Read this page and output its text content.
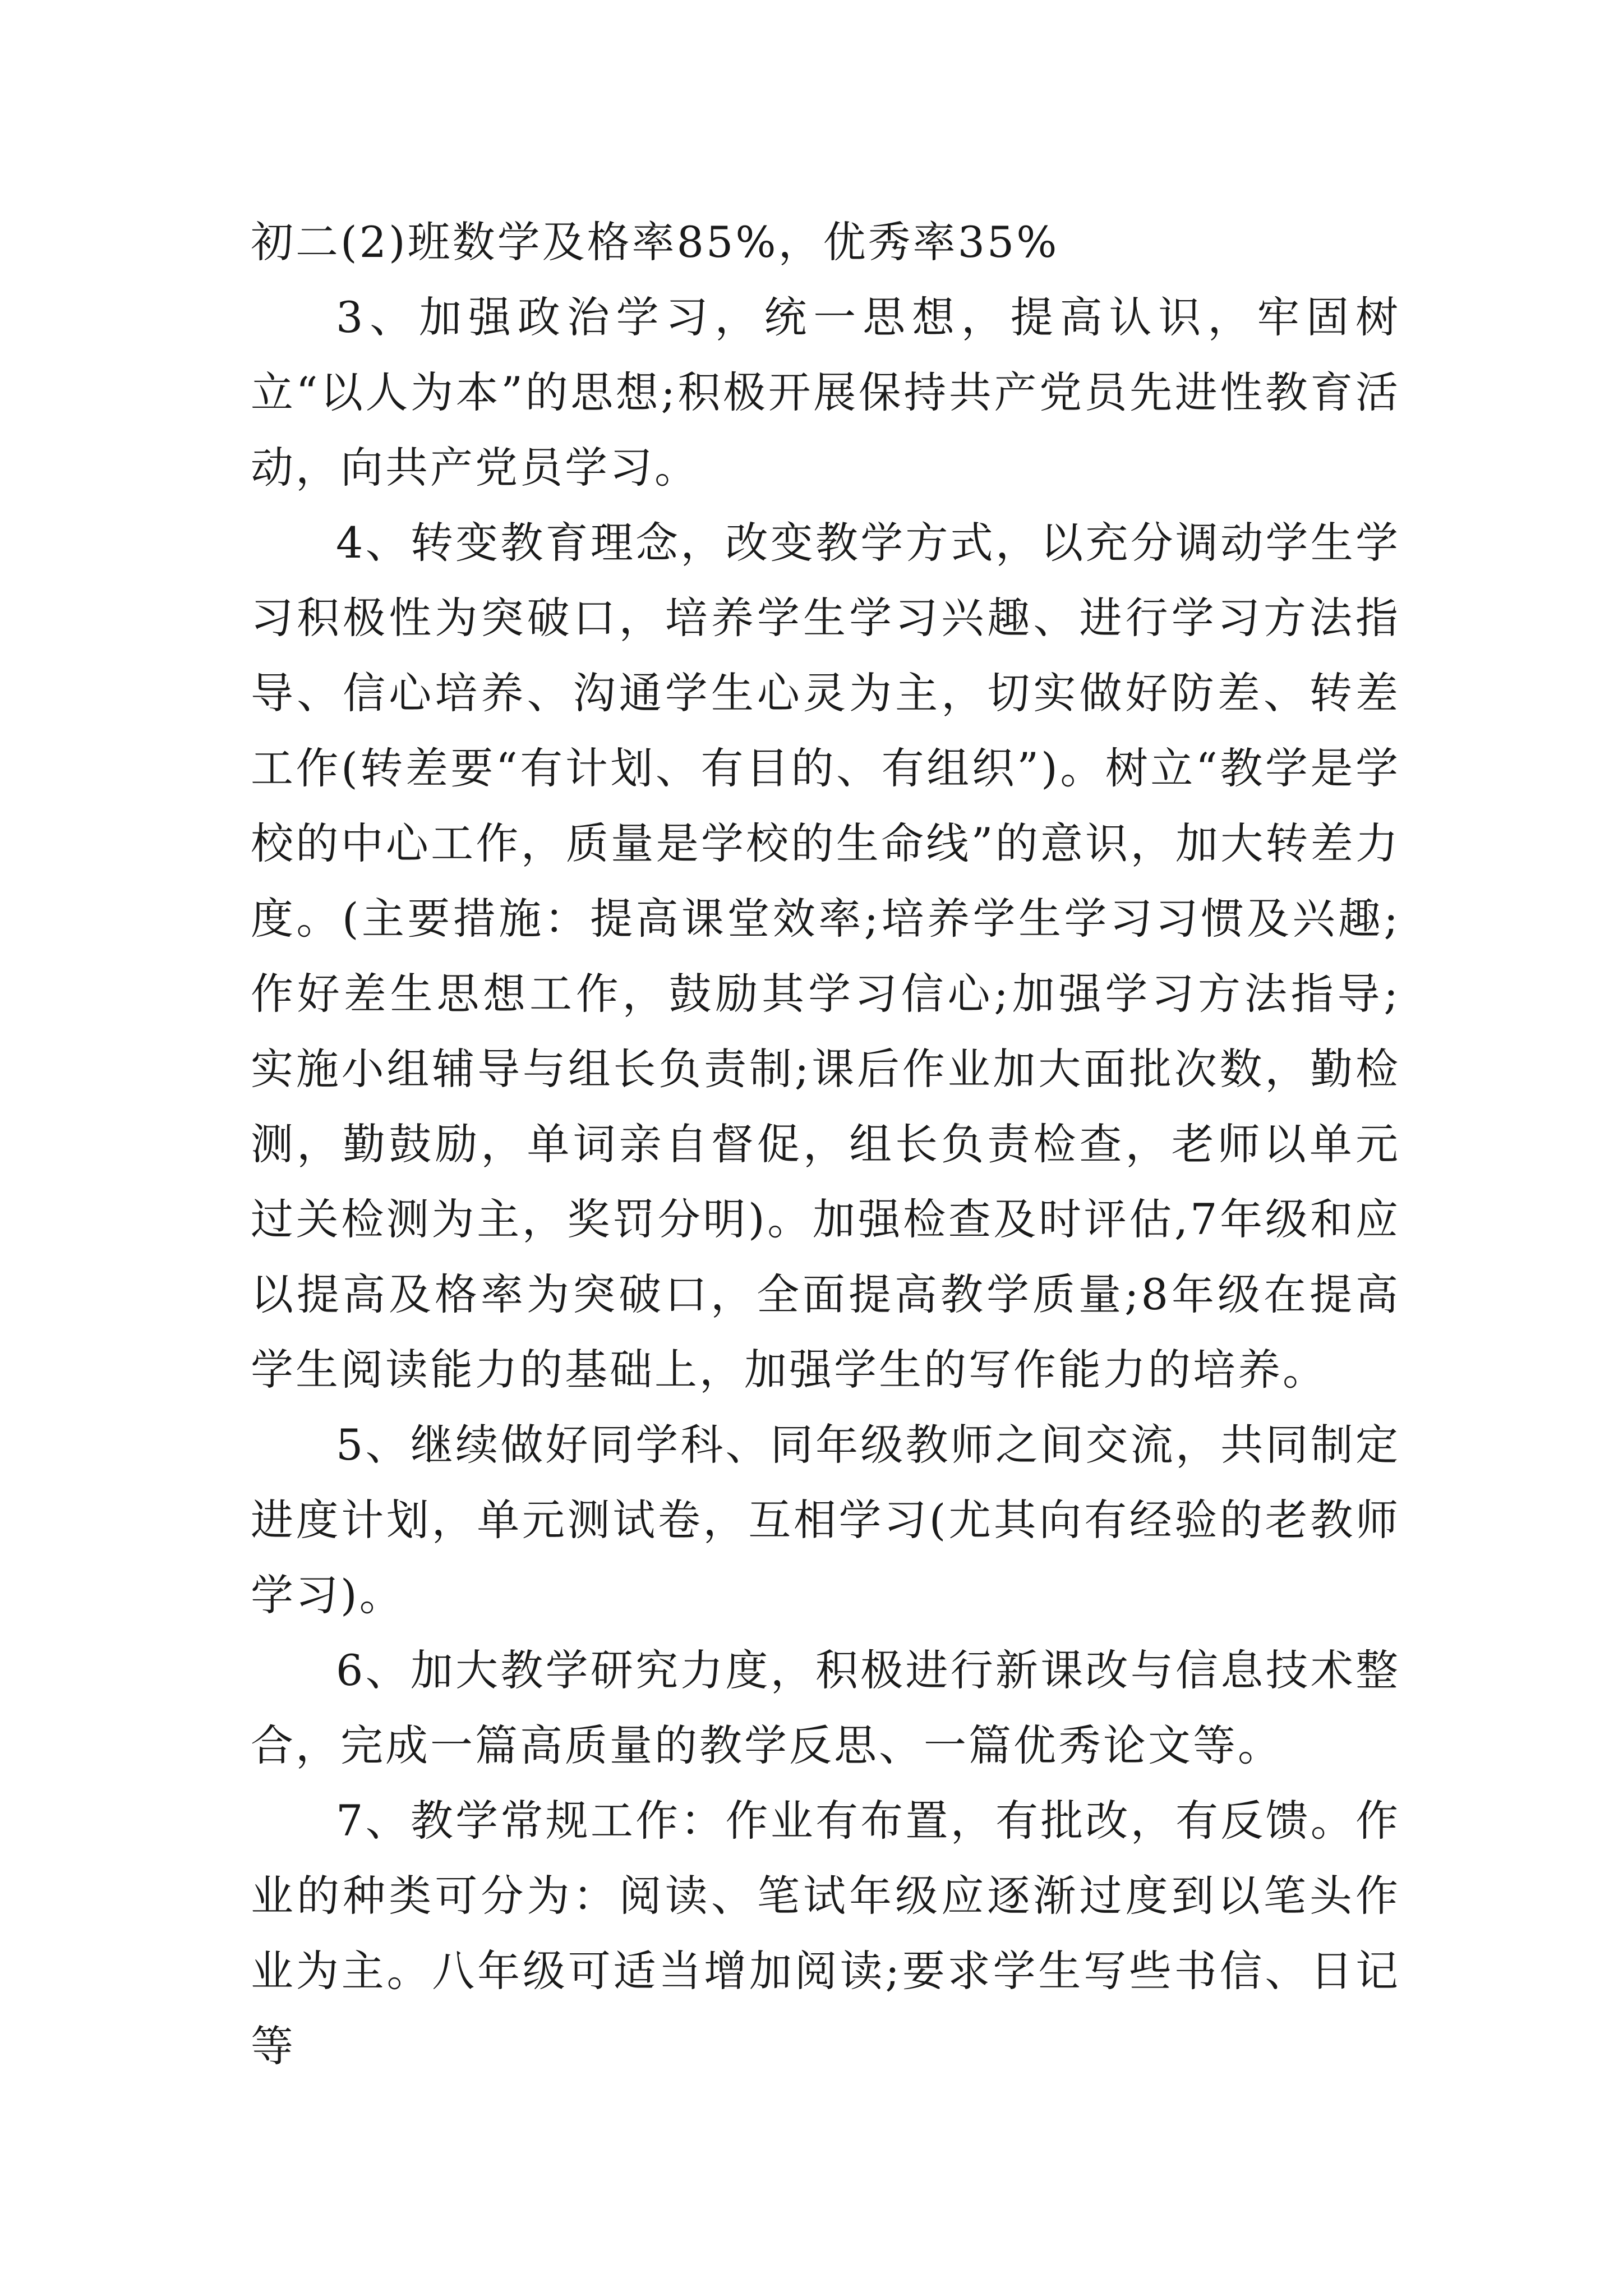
初二(2)班数学及格率85%，优秀率35%

3、加强政治学习，统一思想，提高认识，牢固树立“以人为本”的思想;积极开展保持共产党员先进性教育活动，向共产党员学习。

4、转变教育理念，改变教学方式，以充分调动学生学习积极性为突破口，培养学生学习兴趣、进行学习方法指导、信心培养、沟通学生心灵为主，切实做好防差、转差工作(转差要“有计划、有目的、有组织”)。树立“教学是学校的中心工作，质量是学校的生命线”的意识，加大转差力度。(主要措施：提高课堂效率;培养学生学习习惯及兴趣;作好差生思想工作，鼓励其学习信心;加强学习方法指导;实施小组辅导与组长负责制;课后作业加大面批次数，勤检测，勤鼓励，单词亲自督促，组长负责检查，老师以单元过关检测为主，奖罚分明)。加强检查及时评估,7年级和应以提高及格率为突破口，全面提高教学质量;8年级在提高学生阅读能力的基础上，加强学生的写作能力的培养。

5、继续做好同学科、同年级教师之间交流，共同制定进度计划，单元测试卷，互相学习(尤其向有经验的老教师学习)。

6、加大教学研究力度，积极进行新课改与信息技术整合，完成一篇高质量的教学反思、一篇优秀论文等。

7、教学常规工作：作业有布置，有批改，有反馈。作业的种类可分为：阅读、笔试年级应逐渐过度到以笔头作业为主。八年级可适当增加阅读;要求学生写些书信、日记等
